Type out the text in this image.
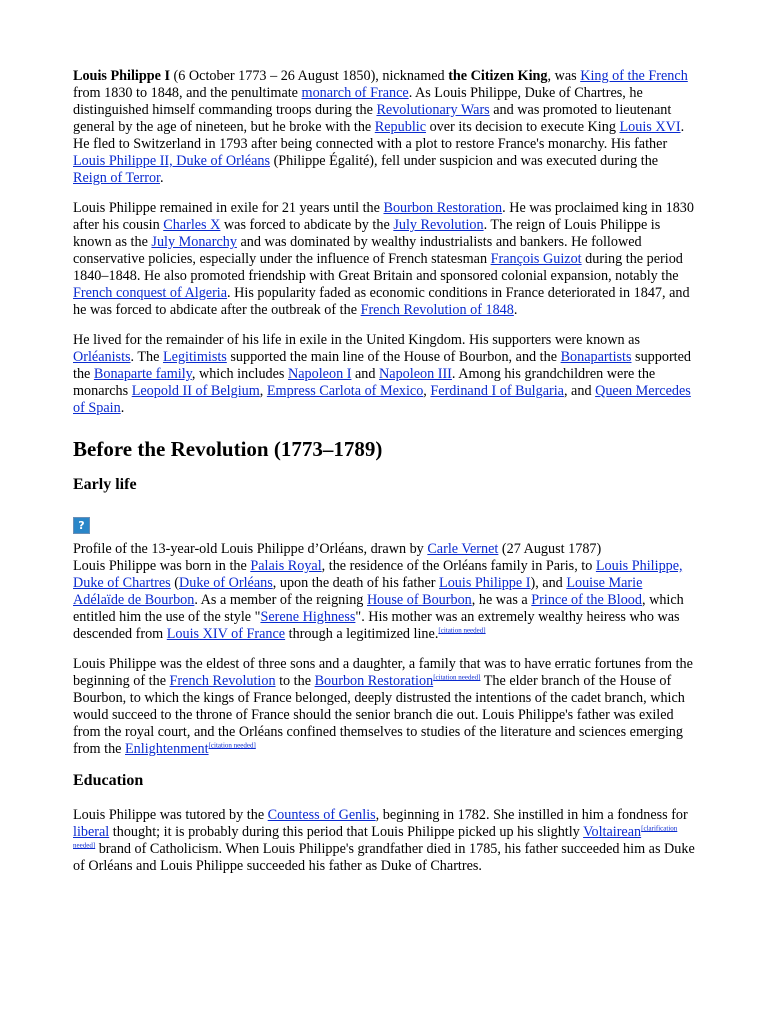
Louis Philippe I (6 October 1773 – 26 August 1850), nicknamed the Citizen King, was King of the French from 1830 to 1848, and the penultimate monarch of France. As Louis Philippe, Duke of Chartres, he distinguished himself commanding troops during the Revolutionary Wars and was promoted to lieutenant general by the age of nineteen, but he broke with the Republic over its decision to execute King Louis XVI. He fled to Switzerland in 1793 after being connected with a plot to restore France's monarchy. His father Louis Philippe II, Duke of Orléans (Philippe Égalité), fell under suspicion and was executed during the Reign of Terror.

Louis Philippe remained in exile for 21 years until the Bourbon Restoration. He was proclaimed king in 1830 after his cousin Charles X was forced to abdicate by the July Revolution. The reign of Louis Philippe is known as the July Monarchy and was dominated by wealthy industrialists and bankers. He followed conservative policies, especially under the influence of French statesman François Guizot during the period 1840–1848. He also promoted friendship with Great Britain and sponsored colonial expansion, notably the French conquest of Algeria. His popularity faded as economic conditions in France deteriorated in 1847, and he was forced to abdicate after the outbreak of the French Revolution of 1848.

He lived for the remainder of his life in exile in the United Kingdom. His supporters were known as Orléanists. The Legitimists supported the main line of the House of Bourbon, and the Bonapartists supported the Bonaparte family, which includes Napoleon I and Napoleon III. Among his grandchildren were the monarchs Leopold II of Belgium, Empress Carlota of Mexico, Ferdinand I of Bulgaria, and Queen Mercedes of Spain.

Before the Revolution (1773–1789)
Early life
?

Profile of the 13-year-old Louis Philippe d’Orléans, drawn by Carle Vernet (27 August 1787)

Louis Philippe was born in the Palais Royal, the residence of the Orléans family in Paris, to Louis Philippe, Duke of Chartres (Duke of Orléans, upon the death of his father Louis Philippe I), and Louise Marie Adélaïde de Bourbon. As a member of the reigning House of Bourbon, he was a Prince of the Blood, which entitled him the use of the style "Serene Highness". His mother was an extremely wealthy heiress who was descended from Louis XIV of France through a legitimized line.[citation needed]

Louis Philippe was the eldest of three sons and a daughter, a family that was to have erratic fortunes from the beginning of the French Revolution to the Bourbon Restoration[citation needed] The elder branch of the House of Bourbon, to which the kings of France belonged, deeply distrusted the intentions of the cadet branch, which would succeed to the throne of France should the senior branch die out. Louis Philippe's father was exiled from the royal court, and the Orléans confined themselves to studies of the literature and sciences emerging from the Enlightenment[citation needed]

Education

Louis Philippe was tutored by the Countess of Genlis, beginning in 1782. She instilled in him a fondness for liberal thought; it is probably during this period that Louis Philippe picked up his slightly Voltairean[clarification needed] brand of Catholicism. When Louis Philippe's grandfather died in 1785, his father succeeded him as Duke of Orléans and Louis Philippe succeeded his father as Duke of Chartres.
